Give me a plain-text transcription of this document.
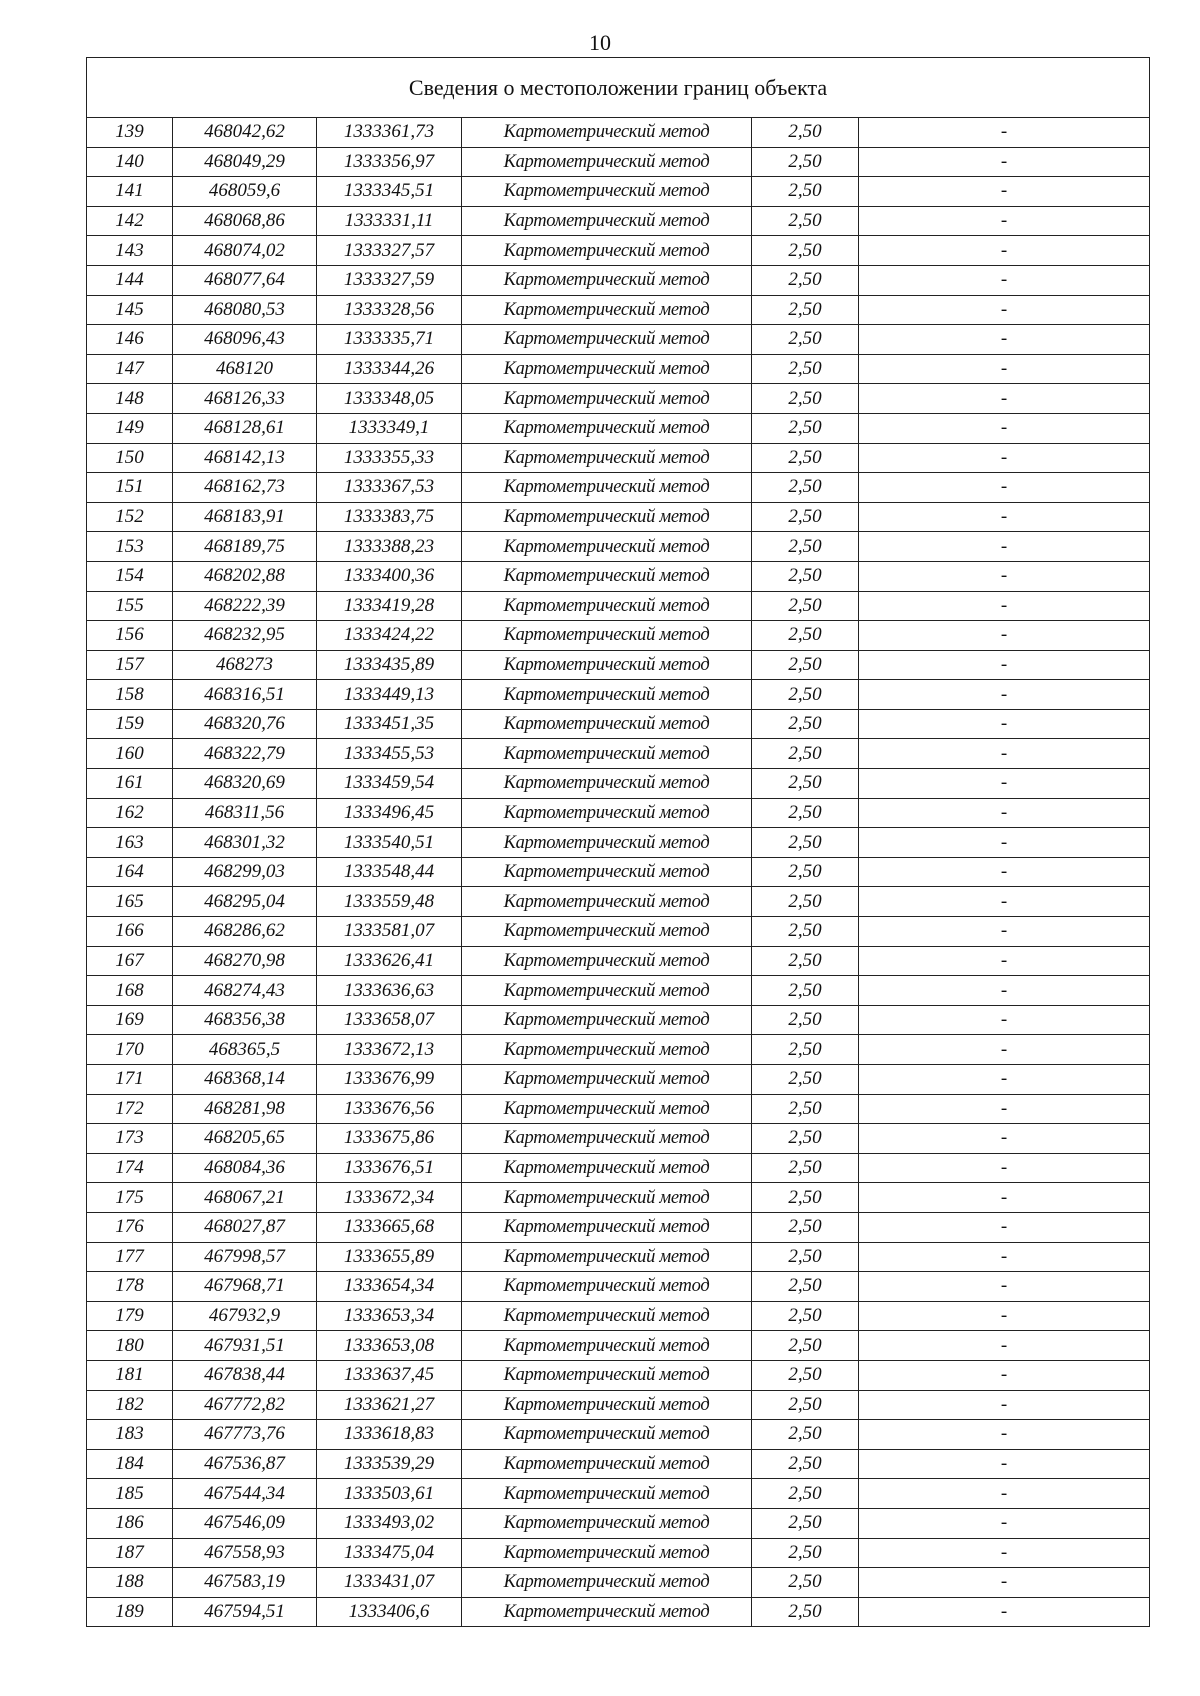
10
Сведения о местоположении границ объекта					
139	468042,62	1333361,73	Картометрический метод	2,50	-
140	468049,29	1333356,97	Картометрический метод	2,50	-
141	468059,6	1333345,51	Картометрический метод	2,50	-
142	468068,86	1333331,11	Картометрический метод	2,50	-
143	468074,02	1333327,57	Картометрический метод	2,50	-
144	468077,64	1333327,59	Картометрический метод	2,50	-
145	468080,53	1333328,56	Картометрический метод	2,50	-
146	468096,43	1333335,71	Картометрический метод	2,50	-
147	468120	1333344,26	Картометрический метод	2,50	-
148	468126,33	1333348,05	Картометрический метод	2,50	-
149	468128,61	1333349,1	Картометрический метод	2,50	-
150	468142,13	1333355,33	Картометрический метод	2,50	-
151	468162,73	1333367,53	Картометрический метод	2,50	-
152	468183,91	1333383,75	Картометрический метод	2,50	-
153	468189,75	1333388,23	Картометрический метод	2,50	-
154	468202,88	1333400,36	Картометрический метод	2,50	-
155	468222,39	1333419,28	Картометрический метод	2,50	-
156	468232,95	1333424,22	Картометрический метод	2,50	-
157	468273	1333435,89	Картометрический метод	2,50	-
158	468316,51	1333449,13	Картометрический метод	2,50	-
159	468320,76	1333451,35	Картометрический метод	2,50	-
160	468322,79	1333455,53	Картометрический метод	2,50	-
161	468320,69	1333459,54	Картометрический метод	2,50	-
162	468311,56	1333496,45	Картометрический метод	2,50	-
163	468301,32	1333540,51	Картометрический метод	2,50	-
164	468299,03	1333548,44	Картометрический метод	2,50	-
165	468295,04	1333559,48	Картометрический метод	2,50	-
166	468286,62	1333581,07	Картометрический метод	2,50	-
167	468270,98	1333626,41	Картометрический метод	2,50	-
168	468274,43	1333636,63	Картометрический метод	2,50	-
169	468356,38	1333658,07	Картометрический метод	2,50	-
170	468365,5	1333672,13	Картометрический метод	2,50	-
171	468368,14	1333676,99	Картометрический метод	2,50	-
172	468281,98	1333676,56	Картометрический метод	2,50	-
173	468205,65	1333675,86	Картометрический метод	2,50	-
174	468084,36	1333676,51	Картометрический метод	2,50	-
175	468067,21	1333672,34	Картометрический метод	2,50	-
176	468027,87	1333665,68	Картометрический метод	2,50	-
177	467998,57	1333655,89	Картометрический метод	2,50	-
178	467968,71	1333654,34	Картометрический метод	2,50	-
179	467932,9	1333653,34	Картометрический метод	2,50	-
180	467931,51	1333653,08	Картометрический метод	2,50	-
181	467838,44	1333637,45	Картометрический метод	2,50	-
182	467772,82	1333621,27	Картометрический метод	2,50	-
183	467773,76	1333618,83	Картометрический метод	2,50	-
184	467536,87	1333539,29	Картометрический метод	2,50	-
185	467544,34	1333503,61	Картометрический метод	2,50	-
186	467546,09	1333493,02	Картометрический метод	2,50	-
187	467558,93	1333475,04	Картометрический метод	2,50	-
188	467583,19	1333431,07	Картометрический метод	2,50	-
189	467594,51	1333406,6	Картометрический метод	2,50	-
